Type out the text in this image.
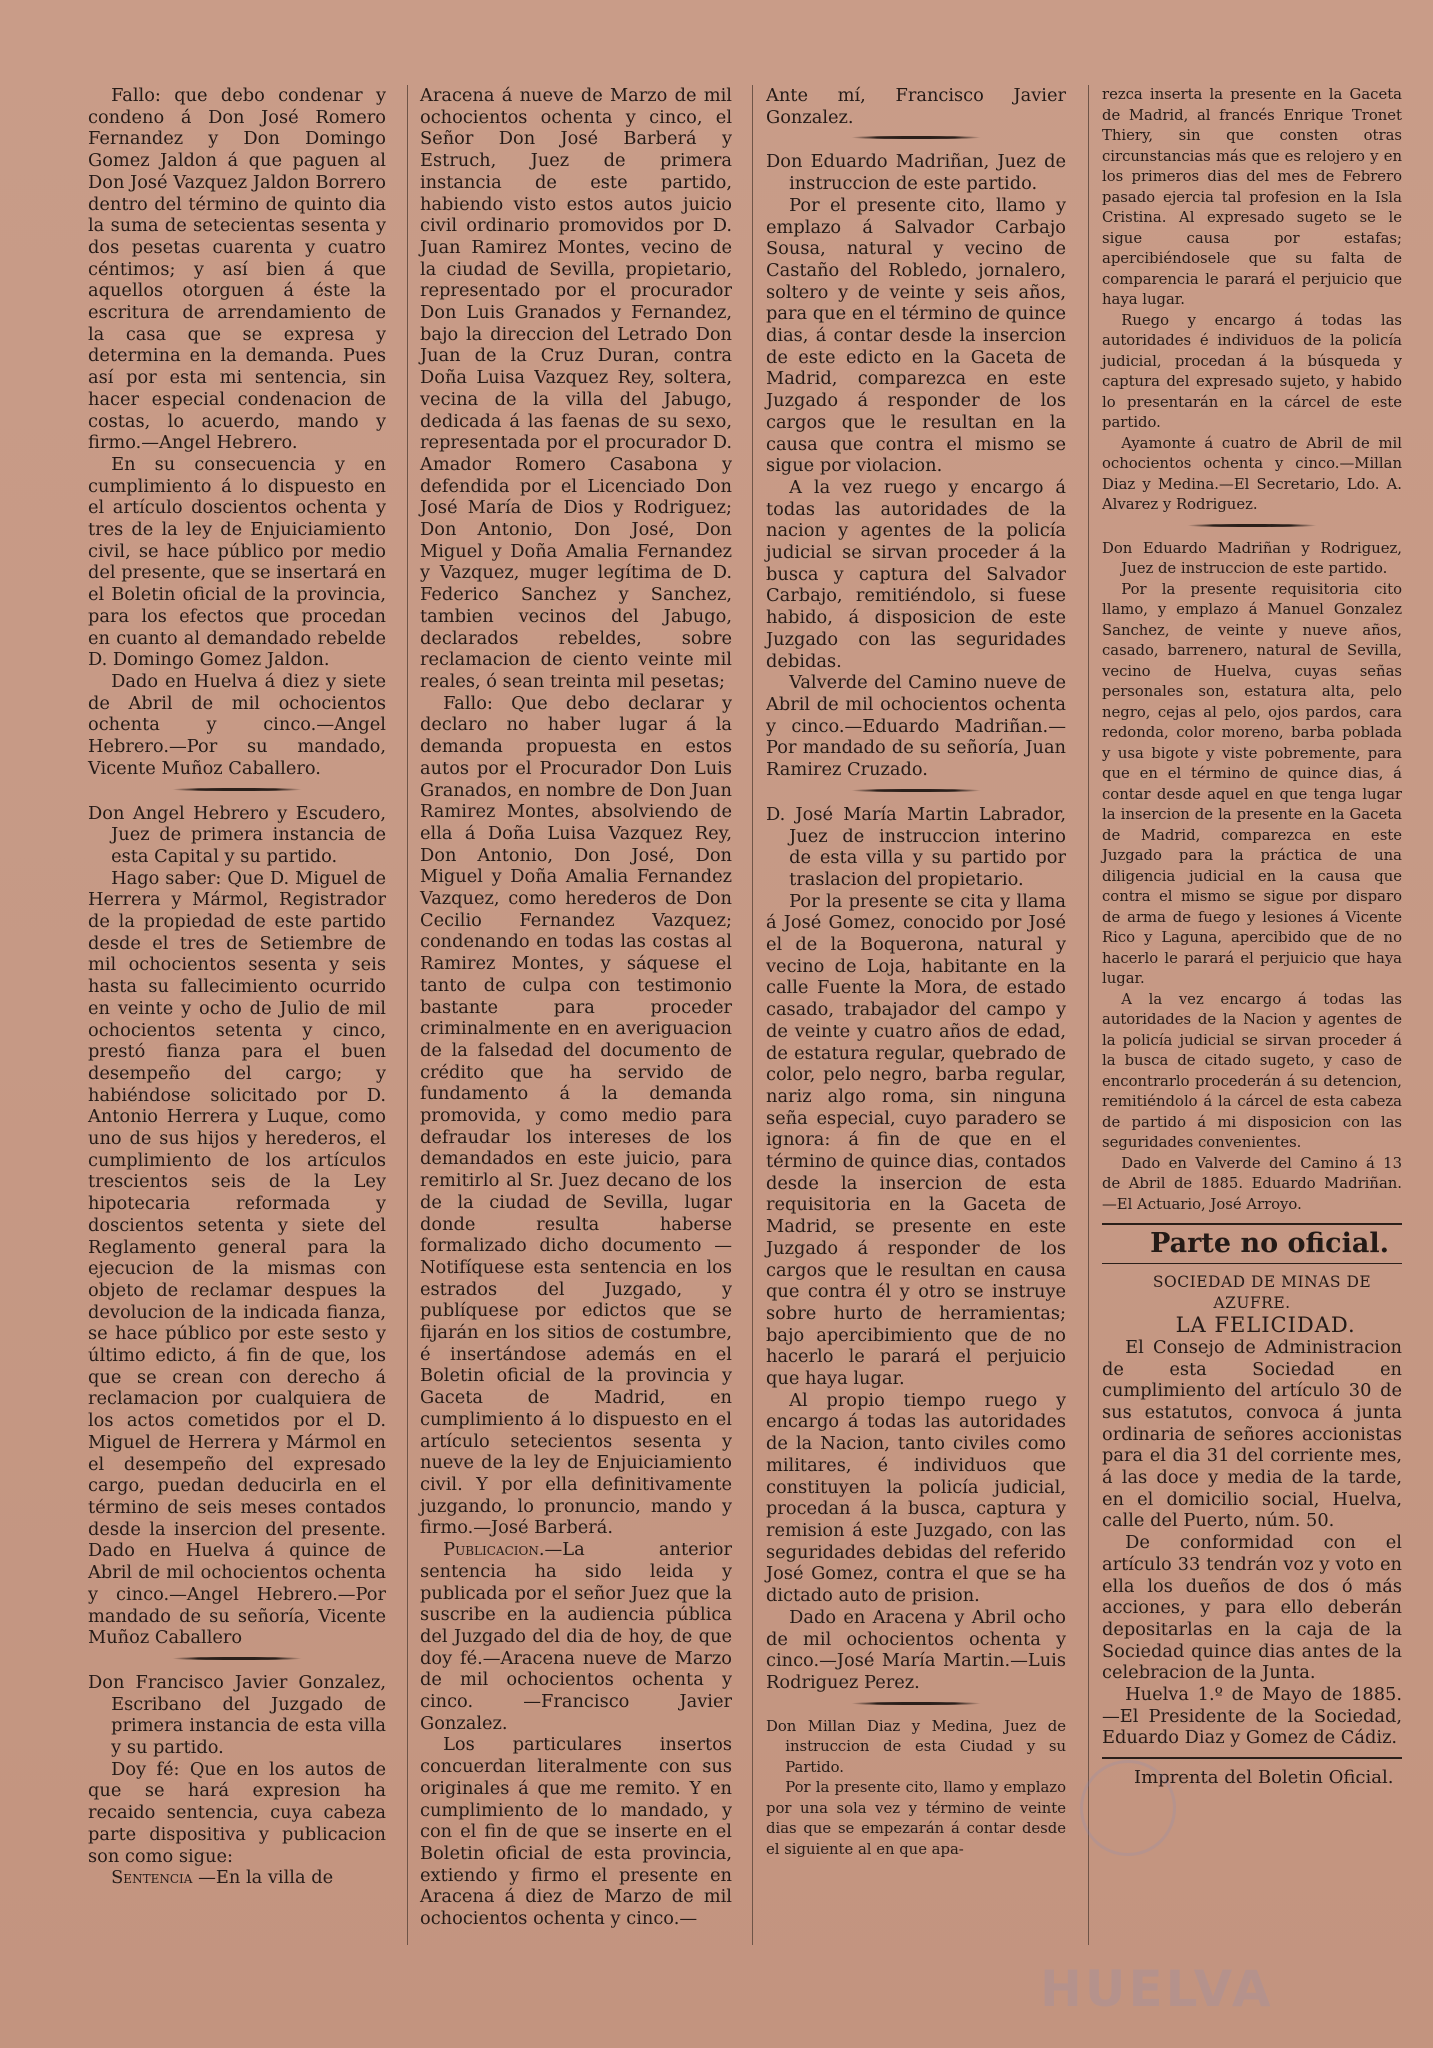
Fallo: que debo condenar y condeno á Don José Romero Fernandez y Don Domingo Gomez Jaldon á que paguen al Don José Vazquez Jaldon Borrero dentro del término de quinto dia la suma de setecientas sesenta y dos pesetas cuarenta y cuatro céntimos; y así bien á que aquellos otorguen á éste la escritura de arrendamiento de la casa que se expresa y determina en la demanda. Pues así por esta mi sentencia, sin hacer especial condenacion de costas, lo acuerdo, mando y firmo.—Angel Hebrero.

En su consecuencia y en cumplimiento á lo dispuesto en el artículo doscientos ochenta y tres de la ley de Enjuiciamiento civil, se hace público por medio del presente, que se insertará en el Boletin oficial de la provincia, para los efectos que procedan en cuanto al demandado rebelde D. Domingo Gomez Jaldon.

Dado en Huelva á diez y siete de Abril de mil ochocientos ochenta y cinco.—Angel Hebrero.—Por su mandado, Vicente Muñoz Caballero.

Don Angel Hebrero y Escudero, Juez de primera instancia de esta Capital y su partido.

Hago saber: Que D. Miguel de Herrera y Mármol, Registrador de la propiedad de este partido desde el tres de Setiembre de mil ochocientos sesenta y seis hasta su fallecimiento ocurrido en veinte y ocho de Julio de mil ochocientos setenta y cinco, prestó fianza para el buen desempeño del cargo; y habiéndose solicitado por D. Antonio Herrera y Luque, como uno de sus hijos y herederos, el cumplimiento de los artículos trescientos seis de la Ley hipotecaria reformada y doscientos setenta y siete del Reglamento general para la ejecucion de la mismas con objeto de reclamar despues la devolucion de la indicada fianza, se hace público por este sesto y último edicto, á fin de que, los que se crean con derecho á reclamacion por cualquiera de los actos cometidos por el D. Miguel de Herrera y Mármol en el desempeño del expresado cargo, puedan deducirla en el término de seis meses contados desde la insercion del presente. Dado en Huelva á quince de Abril de mil ochocientos ochenta y cinco.—Angel Hebrero.—Por mandado de su señoría, Vicente Muñoz Caballero

Don Francisco Javier Gonzalez, Escribano del Juzgado de primera instancia de esta villa y su partido.

Doy fé: Que en los autos de que se hará expresion ha recaido sentencia, cuya cabeza parte dispositiva y publicacion son como sigue:

Sentencia —En la villa de

Aracena á nueve de Marzo de mil ochocientos ochenta y cinco, el Señor Don José Barberá y Estruch, Juez de primera instancia de este partido, habiendo visto estos autos juicio civil ordinario promovidos por D. Juan Ramirez Montes, vecino de la ciudad de Sevilla, propietario, representado por el procurador Don Luis Granados y Fernandez, bajo la direccion del Letrado Don Juan de la Cruz Duran, contra Doña Luisa Vazquez Rey, soltera, vecina de la villa del Jabugo, dedicada á las faenas de su sexo, representada por el procurador D. Amador Romero Casabona y defendida por el Licenciado Don José María de Dios y Rodriguez; Don Antonio, Don José, Don Miguel y Doña Amalia Fernandez y Vazquez, muger legítima de D. Federico Sanchez y Sanchez, tambien vecinos del Jabugo, declarados rebeldes, sobre reclamacion de ciento veinte mil reales, ó sean treinta mil pesetas;

Fallo: Que debo declarar y declaro no haber lugar á la demanda propuesta en estos autos por el Procurador Don Luis Granados, en nombre de Don Juan Ramirez Montes, absolviendo de ella á Doña Luisa Vazquez Rey, Don Antonio, Don José, Don Miguel y Doña Amalia Fernandez Vazquez, como herederos de Don Cecilio Fernandez Vazquez; condenando en todas las costas al Ramirez Montes, y sáquese el tanto de culpa con testimonio bastante para proceder criminalmente en en averiguacion de la falsedad del documento de crédito que ha servido de fundamento á la demanda promovida, y como medio para defraudar los intereses de los demandados en este juicio, para remitirlo al Sr. Juez decano de los de la ciudad de Sevilla, lugar donde resulta haberse formalizado dicho documento —Notifíquese esta sentencia en los estrados del Juzgado, y publíquese por edictos que se fijarán en los sitios de costumbre, é insertándose además en el Boletin oficial de la provincia y Gaceta de Madrid, en cumplimiento á lo dispuesto en el artículo setecientos sesenta y nueve de la ley de Enjuiciamiento civil. Y por ella definitivamente juzgando, lo pronuncio, mando y firmo.—José Barberá.

Publicacion.—La anterior sentencia ha sido leida y publicada por el señor Juez que la suscribe en la audiencia pública del Juzgado del dia de hoy, de que doy fé.—Aracena nueve de Marzo de mil ochocientos ochenta y cinco. —Francisco Javier Gonzalez.

Los particulares insertos concuerdan literalmente con sus originales á que me remito. Y en cumplimiento de lo mandado, y con el fin de que se inserte en el Boletin oficial de esta provincia, extiendo y firmo el presente en Aracena á diez de Marzo de mil ochocientos ochenta y cinco.—

Ante mí, Francisco Javier Gonzalez.

Don Eduardo Madriñan, Juez de instruccion de este partido.

Por el presente cito, llamo y emplazo á Salvador Carbajo Sousa, natural y vecino de Castaño del Robledo, jornalero, soltero y de veinte y seis años, para que en el término de quince dias, á contar desde la insercion de este edicto en la Gaceta de Madrid, comparezca en este Juzgado á responder de los cargos que le resultan en la causa que contra el mismo se sigue por violacion.

A la vez ruego y encargo á todas las autoridades de la nacion y agentes de la policía judicial se sirvan proceder á la busca y captura del Salvador Carbajo, remitiéndolo, si fuese habido, á disposicion de este Juzgado con las seguridades debidas.

Valverde del Camino nueve de Abril de mil ochocientos ochenta y cinco.—Eduardo Madriñan.—Por mandado de su señoría, Juan Ramirez Cruzado.

D. José María Martin Labrador, Juez de instruccion interino de esta villa y su partido por traslacion del propietario.

Por la presente se cita y llama á José Gomez, conocido por José el de la Boquerona, natural y vecino de Loja, habitante en la calle Fuente la Mora, de estado casado, trabajador del campo y de veinte y cuatro años de edad, de estatura regular, quebrado de color, pelo negro, barba regular, nariz algo roma, sin ninguna seña especial, cuyo paradero se ignora: á fin de que en el término de quince dias, contados desde la insercion de esta requisitoria en la Gaceta de Madrid, se presente en este Juzgado á responder de los cargos que le resultan en causa que contra él y otro se instruye sobre hurto de herramientas; bajo apercibimiento que de no hacerlo le parará el perjuicio que haya lugar.

Al propio tiempo ruego y encargo á todas las autoridades de la Nacion, tanto civiles como militares, é individuos que constituyen la policía judicial, procedan á la busca, captura y remision á este Juzgado, con las seguridades debidas del referido José Gomez, contra el que se ha dictado auto de prision.

Dado en Aracena y Abril ocho de mil ochocientos ochenta y cinco.—José María Martin.—Luis Rodriguez Perez.

Don Millan Diaz y Medina, Juez de instruccion de esta Ciudad y su Partido.

Por la presente cito, llamo y emplazo por una sola vez y término de veinte dias que se empezarán á contar desde el siguiente al en que apa-

rezca inserta la presente en la Gaceta de Madrid, al francés Enrique Tronet Thiery, sin que consten otras circunstancias más que es relojero y en los primeros dias del mes de Febrero pasado ejercia tal profesion en la Isla Cristina. Al expresado sugeto se le sigue causa por estafas; apercibiéndosele que su falta de comparencia le parará el perjuicio que haya lugar.

Ruego y encargo á todas las autoridades é individuos de la policía judicial, procedan á la búsqueda y captura del expresado sujeto, y habido lo presentarán en la cárcel de este partido.

Ayamonte á cuatro de Abril de mil ochocientos ochenta y cinco.—Millan Diaz y Medina.—El Secretario, Ldo. A. Alvarez y Rodriguez.

Don Eduardo Madriñan y Rodriguez, Juez de instruccion de este partido.

Por la presente requisitoria cito llamo, y emplazo á Manuel Gonzalez Sanchez, de veinte y nueve años, casado, barrenero, natural de Sevilla, vecino de Huelva, cuyas señas personales son, estatura alta, pelo negro, cejas al pelo, ojos pardos, cara redonda, color moreno, barba poblada y usa bigote y viste pobremente, para que en el término de quince dias, á contar desde aquel en que tenga lugar la insercion de la presente en la Gaceta de Madrid, comparezca en este Juzgado para la práctica de una diligencia judicial en la causa que contra el mismo se sigue por disparo de arma de fuego y lesiones á Vicente Rico y Laguna, apercibido que de no hacerlo le parará el perjuicio que haya lugar.

A la vez encargo á todas las autoridades de la Nacion y agentes de la policía judicial se sirvan proceder á la busca de citado sugeto, y caso de encontrarlo procederán á su detencion, remitiéndolo á la cárcel de esta cabeza de partido á mi disposicion con las seguridades convenientes.

Dado en Valverde del Camino á 13 de Abril de 1885. Eduardo Madriñan. —El Actuario, José Arroyo.

Parte no oficial.

SOCIEDAD DE MINAS DE AZUFRE.

LA FELICIDAD.

El Consejo de Administracion de esta Sociedad en cumplimiento del artículo 30 de sus estatutos, convoca á junta ordinaria de señores accionistas para el dia 31 del corriente mes, á las doce y media de la tarde, en el domicilio social, Huelva, calle del Puerto, núm. 50.

De conformidad con el artículo 33 tendrán voz y voto en ella los dueños de dos ó más acciones, y para ello deberán depositarlas en la caja de la Sociedad quince dias antes de la celebracion de la Junta.

Huelva 1.º de Mayo de 1885. —El Presidente de la Sociedad, Eduardo Diaz y Gomez de Cádiz.

Imprenta del Boletin Oficial.

HUELVA
